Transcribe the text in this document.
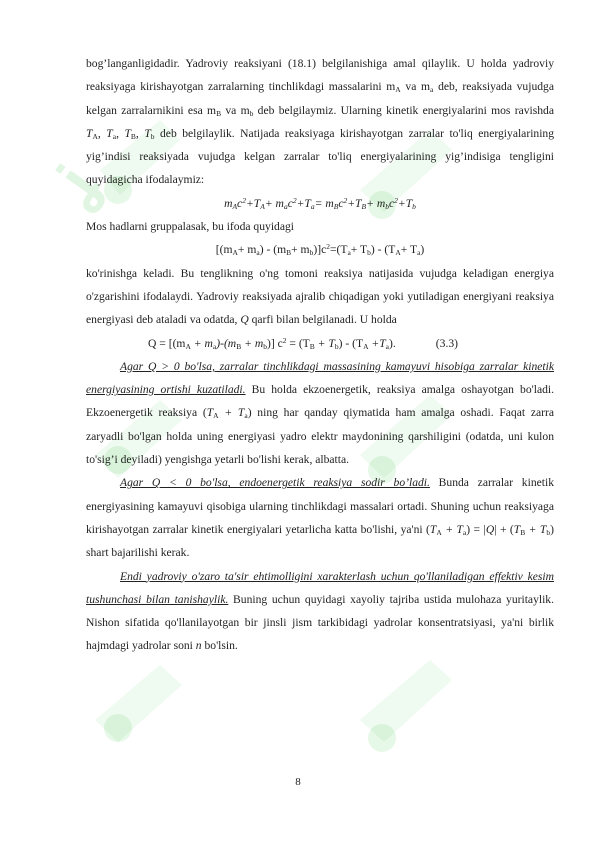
ʝ

bog’langanligidadir. Yadroviy reaksiyani (18.1) belgilanishiga amal qilaylik. U holda yadroviy reaksiyaga kirishayotgan zarralarning tinchlikdagi massalarini $m_A$ va $m_a$ deb, reaksiyada vujudga kelgan zarralarnikini esa $m_B$ va $m_b$ deb belgilaymiz. Ularning kinetik energiyalarini mos ravishda $T_A$, $T_a$, $T_B$, $T_b$ deb belgilaylik. Natijada reaksiyaga kirishayotgan zarralar to'liq energiyalarining yig’indisi reaksiyada vujudga kelgan zarralar to'liq energiyalarining yig’indisiga tengligini quyidagicha ifodalaymiz:

$m_Ac^2+T_A+ m_ac^2+T_a= m_Bc^2+T_B+ m_bc^2+T_b$

Mos hadlarni gruppalasak, bu ifoda quyidagi

$[(m_A+ m_a) - (m_B+ m_b)]c^2=(T_a+ T_b) - (T_A+ T_a)$

ko'rinishga keladi. Bu tenglikning o'ng tomoni reaksiya natijasida vujudga keladigan energiya o'zgarishini ifodalaydi. Yadroviy reaksiyada ajralib chiqadigan yoki yutiladigan energiyani reaksiya energiyasi deb ataladi va odatda, Q qarfi bilan belgilanadi. U holda

$Q = [(m_A + m_a)-(m_B + m_b)] c^2 = (T_B + T_b) - (T_A +T_a)$.	(3.3)

Agar Q > 0 bo'lsa, zarralar tinchlikdagi massasining kamayuvi hisobiga zarralar kinetik energiyasining ortishi kuzatiladi. Bu holda ekzoenergetik, reaksiya amalga oshayotgan bo'ladi. Ekzoenergetik reaksiya $(T_A + T_a)$ ning har qanday qiymatida ham amalga oshadi. Faqat zarra zaryadli bo'lgan holda uning energiyasi yadro elektr maydonining qarshiligini (odatda, uni kulon to'sig’i deyiladi) yengishga yetarli bo'lishi kerak, albatta.

Agar Q < 0 bo'lsa, endoenergetik reaksiya sodir bo’ladi. Bunda zarralar kinetik energiyasining kamayuvi qisobiga ularning tinchlikdagi massalari ortadi. Shuning uchun reaksiyaga kirishayotgan zarralar kinetik energiyalari yetarlicha katta bo'lishi, ya'ni $(T_A + T_a) = |Q| + (T_B + T_b)$ shart bajarilishi kerak.

Endi yadroviy o'zaro ta'sir ehtimolligini xarakterlash uchun qo'llaniladigan effektiv kesim tushunchasi bilan tanishaylik. Buning uchun quyidagi xayoliy tajriba ustida mulohaza yuritaylik. Nishon sifatida qo'llanilayotgan bir jinsli jism tarkibidagi yadrolar konsentratsiyasi, ya'ni birlik hajmdagi yadrolar soni n bo'lsin.

8
